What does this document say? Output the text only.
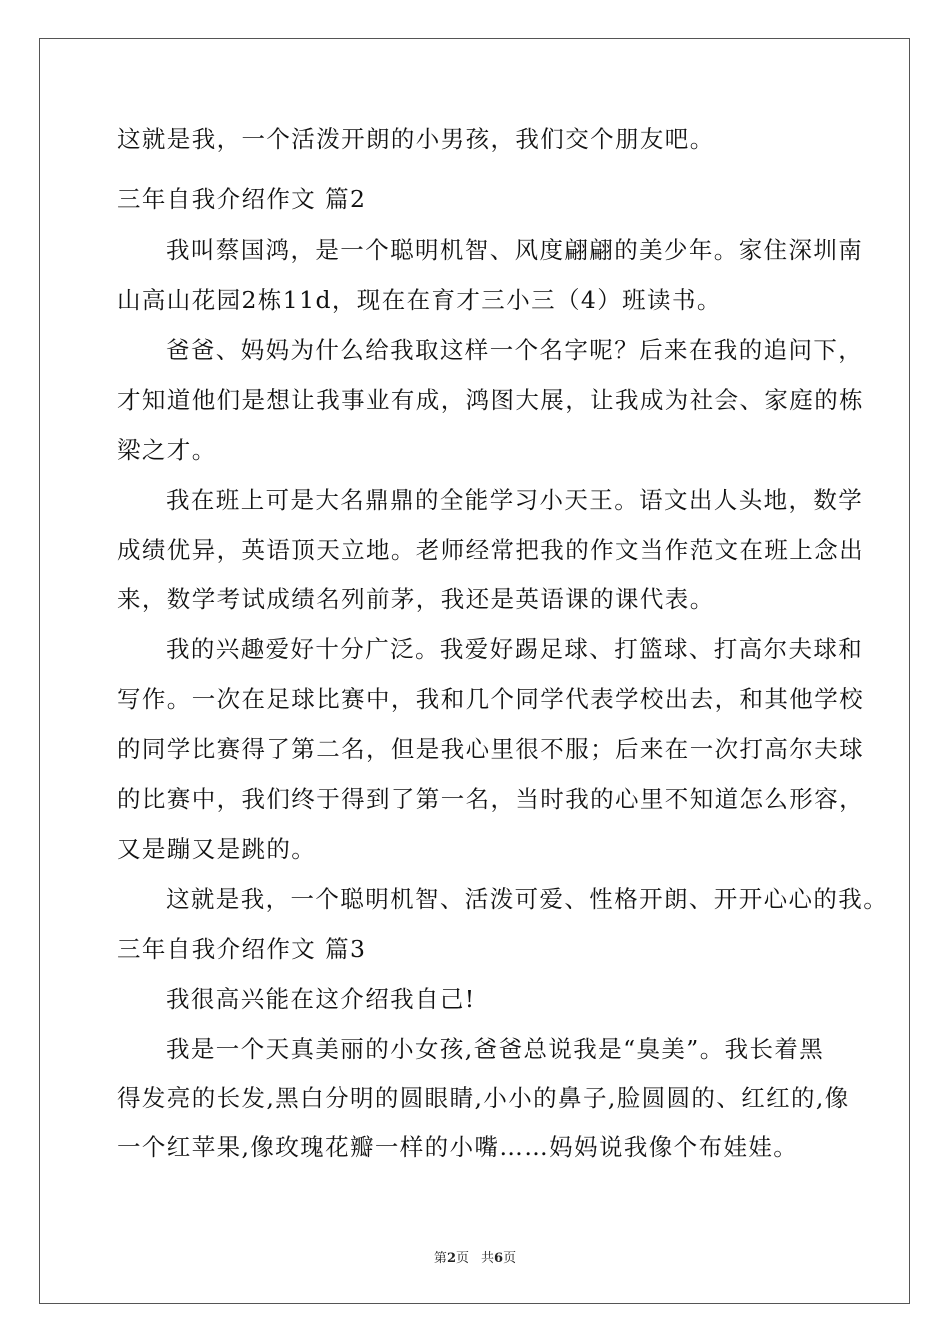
这就是我，一个活泼开朗的小男孩，我们交个朋友吧。
三年自我介绍作文 篇2
我叫蔡国鸿，是一个聪明机智、风度翩翩的美少年。家住深圳南
山高山花园2栋11d，现在在育才三小三（4）班读书。
爸爸、妈妈为什么给我取这样一个名字呢？后来在我的追问下，
才知道他们是想让我事业有成，鸿图大展，让我成为社会、家庭的栋
梁之才。
我在班上可是大名鼎鼎的全能学习小天王。语文出人头地，数学
成绩优异，英语顶天立地。老师经常把我的作文当作范文在班上念出
来，数学考试成绩名列前茅，我还是英语课的课代表。
我的兴趣爱好十分广泛。我爱好踢足球、打篮球、打高尔夫球和
写作。一次在足球比赛中，我和几个同学代表学校出去，和其他学校
的同学比赛得了第二名，但是我心里很不服；后来在一次打高尔夫球
的比赛中，我们终于得到了第一名，当时我的心里不知道怎么形容，
又是蹦又是跳的。
这就是我，一个聪明机智、活泼可爱、性格开朗、开开心心的我。
三年自我介绍作文 篇3
我很高兴能在这介绍我自己!
我是一个天真美丽的小女孩,爸爸总说我是“臭美”。我长着黑
得发亮的长发,黑白分明的圆眼睛,小小的鼻子,脸圆圆的、红红的,像
一个红苹果,像玫瑰花瓣一样的小嘴……妈妈说我像个布娃娃。
第2页 共6页
